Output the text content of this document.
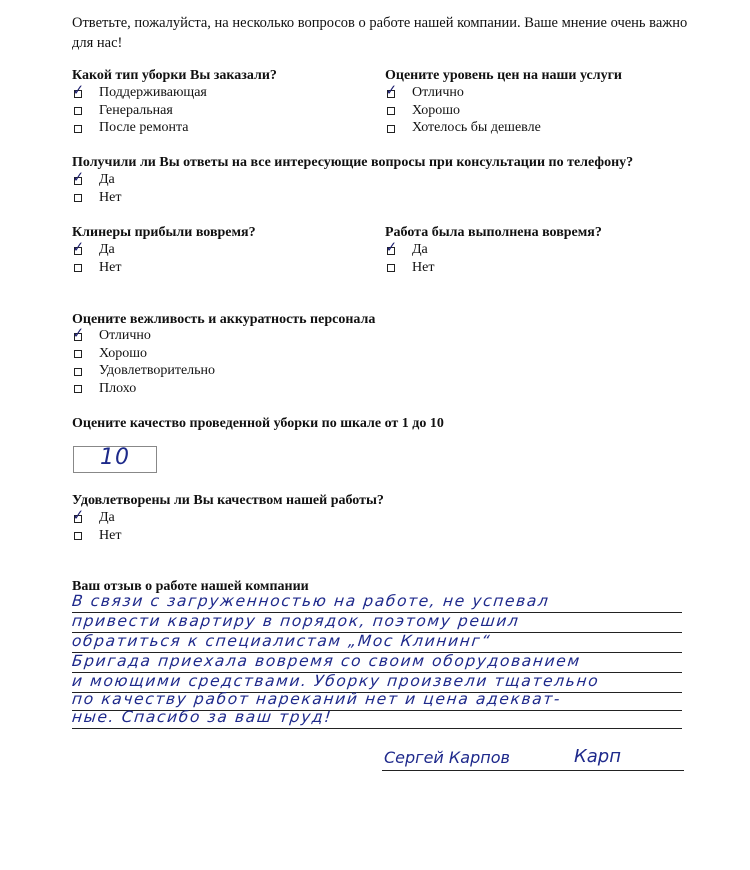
Ответьте, пожалуйста, на несколько вопросов о работе нашей компании. Ваше мнение очень важно для нас!
Какой тип уборки Вы заказали?
✓
Поддерживающая
Генеральная
После ремонта
Оцените уровень цен на наши услуги
✓
Отлично
Хорошо
Хотелось бы дешевле
Получили ли Вы ответы на все интересующие вопросы при консультации по телефону?
✓
Да
Нет
Клинеры прибыли вовремя?
✓
Да
Нет
Работа была выполнена вовремя?
✓
Да
Нет
Оцените вежливость и аккуратность персонала
✓
Отлично
Хорошо
Удовлетворительно
Плохо
Оцените качество проведенной уборки по шкале от 1 до 10
10
Удовлетворены ли Вы качеством нашей работы?
✓
Да
Нет
Ваш отзыв о работе нашей компании
В связи с загруженностью на работе, не успевал
привести квартиру в порядок, поэтому решил
обратиться к специалистам „Мос Клининг“
Бригада приехала вовремя со своим оборудованием
и моющими средствами. Уборку произвели тщательно
по качеству работ нареканий нет и цена адекват-
ные. Спасибо за ваш труд!
Сергей Карпов	Карп
